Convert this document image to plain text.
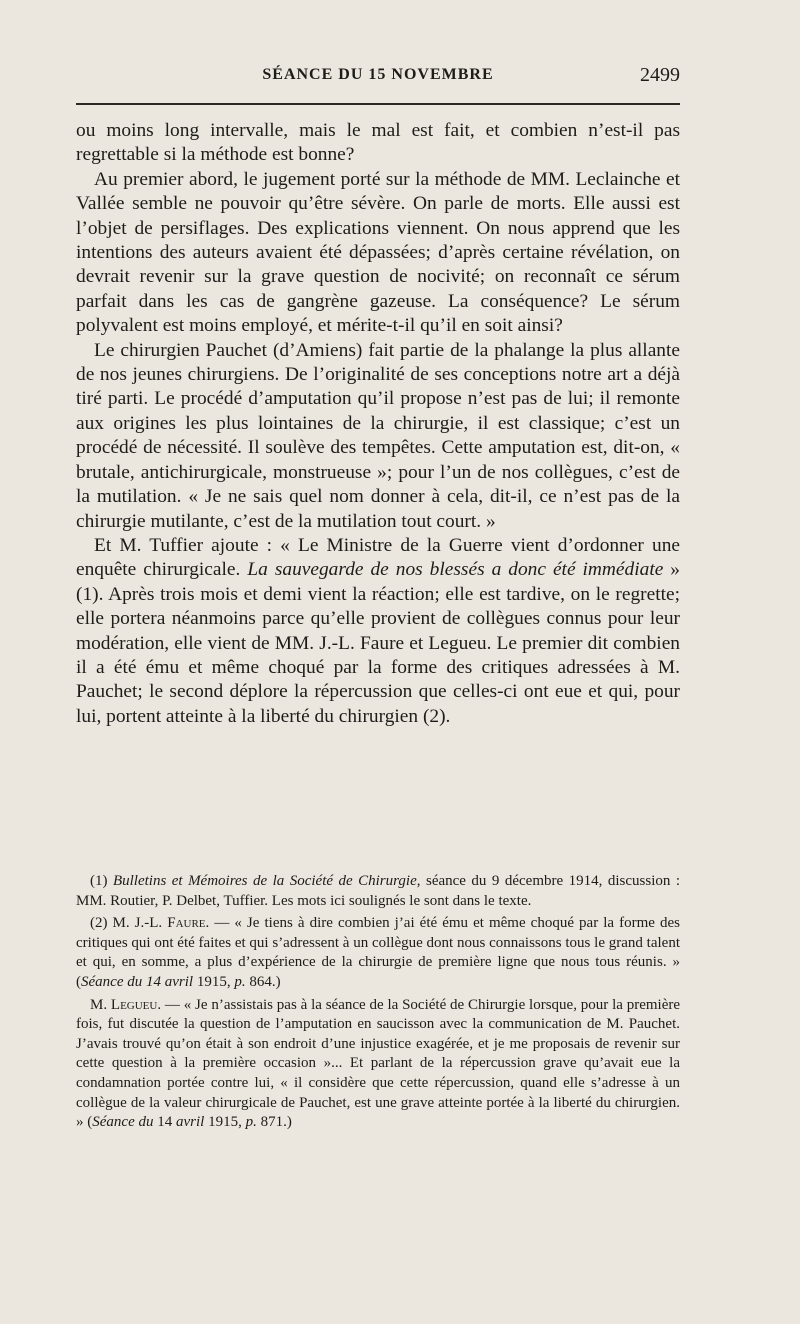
SÉANCE DU 15 NOVEMBRE	2499

ou moins long intervalle, mais le mal est fait, et combien n’est-il pas regrettable si la méthode est bonne?

Au premier abord, le jugement porté sur la méthode de MM. Leclainche et Vallée semble ne pouvoir qu’être sévère. On parle de morts. Elle aussi est l’objet de persiflages. Des explications viennent. On nous apprend que les intentions des auteurs avaient été dépassées; d’après certaine révélation, on devrait revenir sur la grave question de nocivité; on reconnaît ce sérum parfait dans les cas de gangrène gazeuse. La conséquence? Le sérum polyvalent est moins employé, et mérite-t-il qu’il en soit ainsi?

Le chirurgien Pauchet (d’Amiens) fait partie de la phalange la plus allante de nos jeunes chirurgiens. De l’originalité de ses conceptions notre art a déjà tiré parti. Le procédé d’amputation qu’il propose n’est pas de lui; il remonte aux origines les plus lointaines de la chirurgie, il est classique; c’est un procédé de nécessité. Il soulève des tempêtes. Cette amputation est, dit-on, « brutale, antichirurgicale, monstrueuse »; pour l’un de nos collègues, c’est de la mutilation. « Je ne sais quel nom donner à cela, dit-il, ce n’est pas de la chirurgie mutilante, c’est de la mutilation tout court. »

Et M. Tuffier ajoute : « Le Ministre de la Guerre vient d’ordonner une enquête chirurgicale. La sauvegarde de nos blessés a donc été immédiate » (1). Après trois mois et demi vient la réaction; elle est tardive, on le regrette; elle portera néanmoins parce qu’elle provient de collègues connus pour leur modération, elle vient de MM. J.-L. Faure et Legueu. Le premier dit combien il a été ému et même choqué par la forme des critiques adressées à M. Pauchet; le second déplore la répercussion que celles-ci ont eue et qui, pour lui, portent atteinte à la liberté du chirurgien (2).

(1) Bulletins et Mémoires de la Société de Chirurgie, séance du 9 décembre 1914, discussion : MM. Routier, P. Delbet, Tuffier. Les mots ici soulignés le sont dans le texte.

(2) M. J.-L. Faure. — « Je tiens à dire combien j’ai été ému et même choqué par la forme des critiques qui ont été faites et qui s’adressent à un collègue dont nous connaissons tous le grand talent et qui, en somme, a plus d’expérience de la chirurgie de première ligne que nous tous réunis. » (Séance du 14 avril 1915, p. 864.)

M. Legueu. — « Je n’assistais pas à la séance de la Société de Chirurgie lorsque, pour la première fois, fut discutée la question de l’amputation en saucisson avec la communication de M. Pauchet. J’avais trouvé qu’on était à son endroit d’une injustice exagérée, et je me proposais de revenir sur cette question à la première occasion »... Et parlant de la répercussion grave qu’avait eue la condamnation portée contre lui, « il considère que cette répercussion, quand elle s’adresse à un collègue de la valeur chirurgicale de Pauchet, est une grave atteinte portée à la liberté du chirurgien. » (Séance du 14 avril 1915, p. 871.)
